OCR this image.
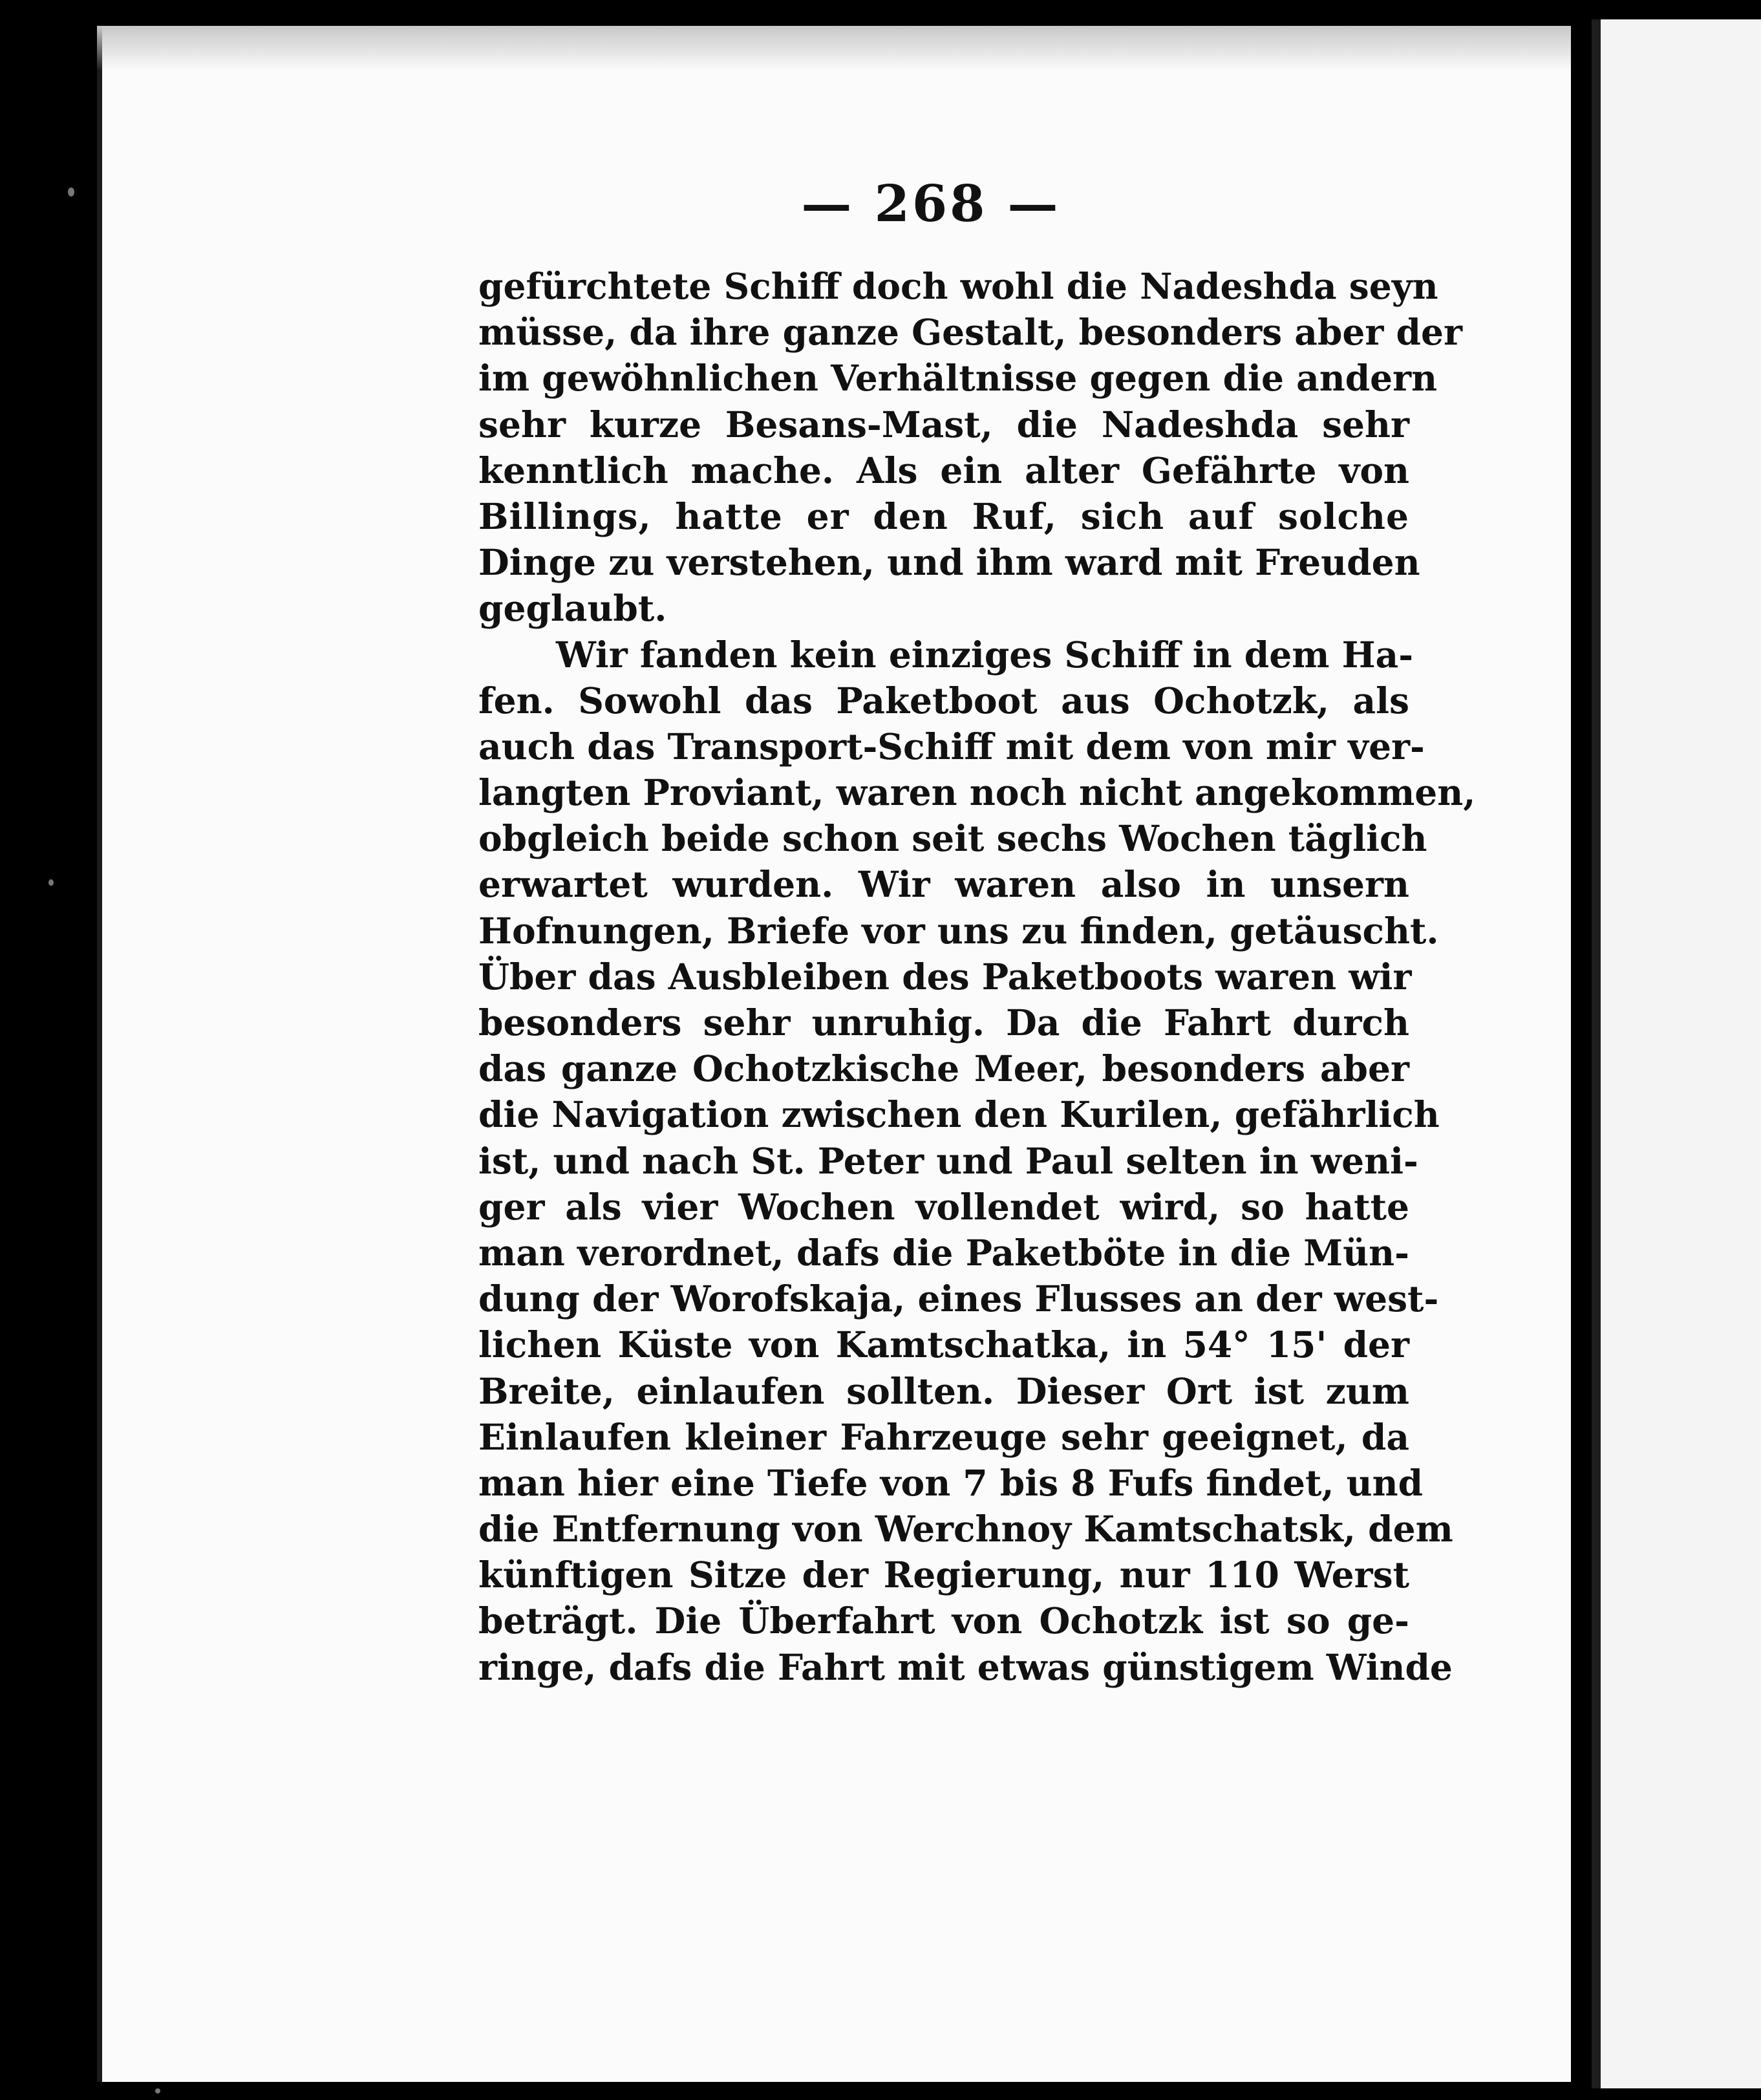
— 268 —
gefürchtete Schiff doch wohl die Nadeshda seyn
müsse, da ihre ganze Gestalt, besonders aber der
im gewöhnlichen Verhältnisse gegen die andern
sehr kurze Besans-Mast, die Nadeshda sehr
kenntlich mache. Als ein alter Gefährte von
Billings, hatte er den Ruf, sich auf solche
Dinge zu verstehen, und ihm ward mit Freuden
geglaubt.
Wir fanden kein einziges Schiff in dem Ha-
fen. Sowohl das Paketboot aus Ochotzk, als
auch das Transport-Schiff mit dem von mir ver-
langten Proviant, waren noch nicht angekommen,
obgleich beide schon seit sechs Wochen täglich
erwartet wurden. Wir waren also in unsern
Hofnungen, Briefe vor uns zu finden, getäuscht.
Über das Ausbleiben des Paketboots waren wir
besonders sehr unruhig. Da die Fahrt durch
das ganze Ochotzkische Meer, besonders aber
die Navigation zwischen den Kurilen, gefährlich
ist, und nach St. Peter und Paul selten in weni-
ger als vier Wochen vollendet wird, so hatte
man verordnet, dafs die Paketböte in die Mün-
dung der Worofskaja, eines Flusses an der west-
lichen Küste von Kamtschatka, in 54° 15' der
Breite, einlaufen sollten. Dieser Ort ist zum
Einlaufen kleiner Fahrzeuge sehr geeignet, da
man hier eine Tiefe von 7 bis 8 Fufs findet, und
die Entfernung von Werchnoy Kamtschatsk, dem
künftigen Sitze der Regierung, nur 110 Werst
beträgt. Die Überfahrt von Ochotzk ist so ge-
ringe, dafs die Fahrt mit etwas günstigem Winde
